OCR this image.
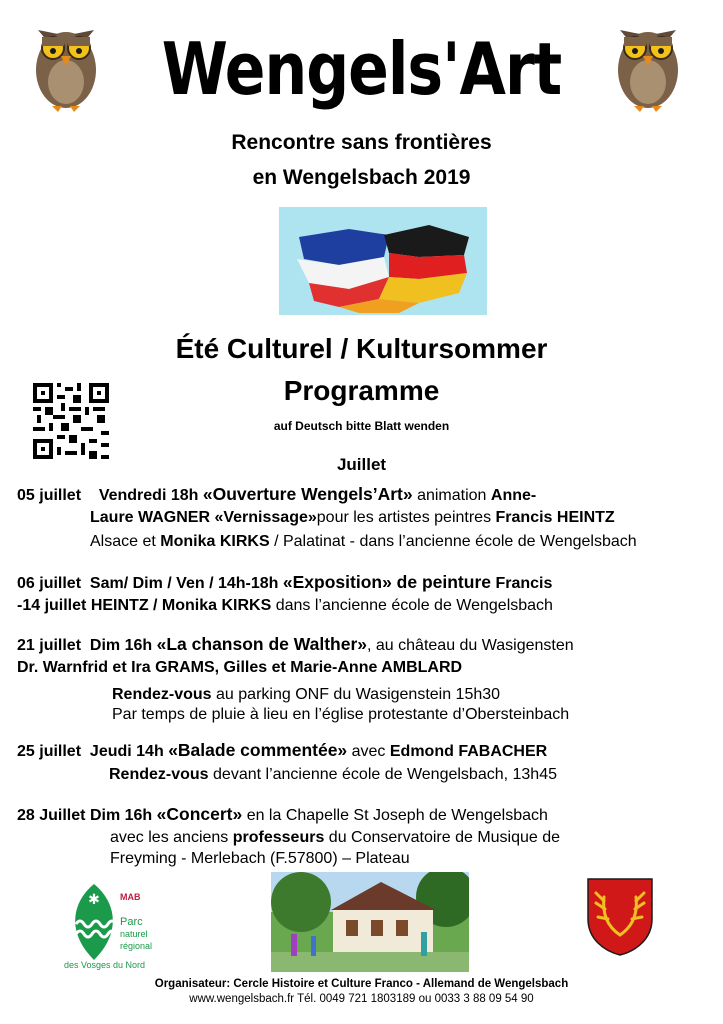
Wengels'Art
Rencontre sans frontières
en Wengelsbach 2019
Été Culturel / Kultursommer
Programme
auf Deutsch bitte Blatt wenden
Juillet
05 juillet Vendredi 18h «Ouverture Wengels’Art» animation Anne-
Laure WAGNER «Vernissage»pour les artistes peintres Francis HEINTZ
Alsace et Monika KIRKS / Palatinat - dans l’ancienne école de Wengelsbach
06 juillet Sam/ Dim / Ven / 14h-18h «Exposition» de peinture Francis
-14 juillet HEINTZ / Monika KIRKS dans l’ancienne école de Wengelsbach
21 juillet Dim 16h «La chanson de Walther», au château du Wasigensten
Dr. Warnfrid et Ira GRAMS, Gilles et Marie-Anne AMBLARD
Rendez-vous au parking ONF du Wasigenstein 15h30
Par temps de pluie à lieu en l’église protestante d’Obersteinbach
25 juillet Jeudi 14h «Balade commentée» avec Edmond FABACHER
Rendez-vous devant l’ancienne école de Wengelsbach, 13h45
28 Juillet Dim 16h «Concert» en la Chapelle St Joseph de Wengelsbach
avec les anciens professeurs du Conservatoire de Musique de
Freyming - Merlebach (F.57800) – Plateau
✱ MAB
Parc
naturel
régional
des Vosges du Nord
Organisateur: Cercle Histoire et Culture Franco - Allemand de Wengelsbach
www.wengelsbach.fr Tél. 0049 721 1803189 ou 0033 3 88 09 54 90
